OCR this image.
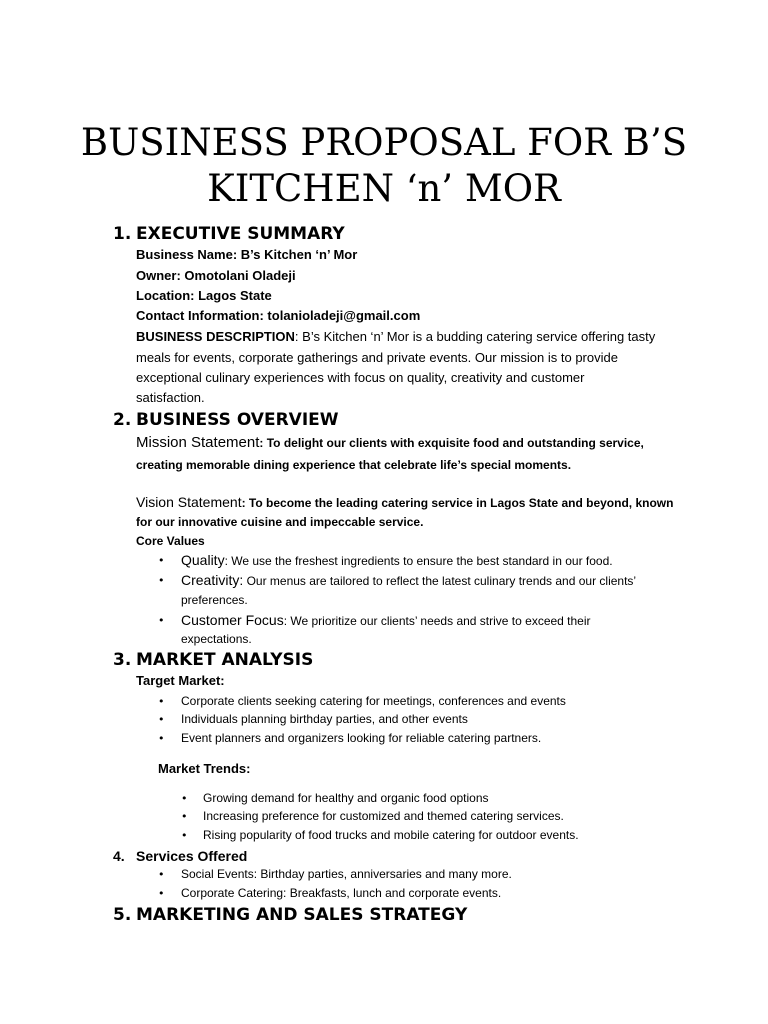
BUSINESS PROPOSAL FOR B’S
KITCHEN ‘n’ MOR
1. EXECUTIVE SUMMARY
Business Name: B’s Kitchen ‘n’ Mor
Owner: Omotolani Oladeji
Location: Lagos State
Contact Information: tolanioladeji@gmail.com
BUSINESS DESCRIPTION: B’s Kitchen ‘n’ Mor is a budding catering service offering tasty
meals for events, corporate gatherings and private events. Our mission is to provide
exceptional culinary experiences with focus on quality, creativity and customer
satisfaction.
2. BUSINESS OVERVIEW
Mission Statement: To delight our clients with exquisite food and outstanding service,
creating memorable dining experience that celebrate life’s special moments.
Vision Statement: To become the leading catering service in Lagos State and beyond, known
for our innovative cuisine and impeccable service.
Core Values
• Quality: We use the freshest ingredients to ensure the best standard in our food.
• Creativity: Our menus are tailored to reflect the latest culinary trends and our clients’
preferences.
• Customer Focus: We prioritize our clients’ needs and strive to exceed their
expectations.
3. MARKET ANALYSIS
Target Market:
• Corporate clients seeking catering for meetings, conferences and events
• Individuals planning birthday parties, and other events
• Event planners and organizers looking for reliable catering partners.
Market Trends:
• Growing demand for healthy and organic food options
• Increasing preference for customized and themed catering services.
• Rising popularity of food trucks and mobile catering for outdoor events.
4. Services Offered
• Social Events: Birthday parties, anniversaries and many more.
• Corporate Catering: Breakfasts, lunch and corporate events.
5. MARKETING AND SALES STRATEGY
